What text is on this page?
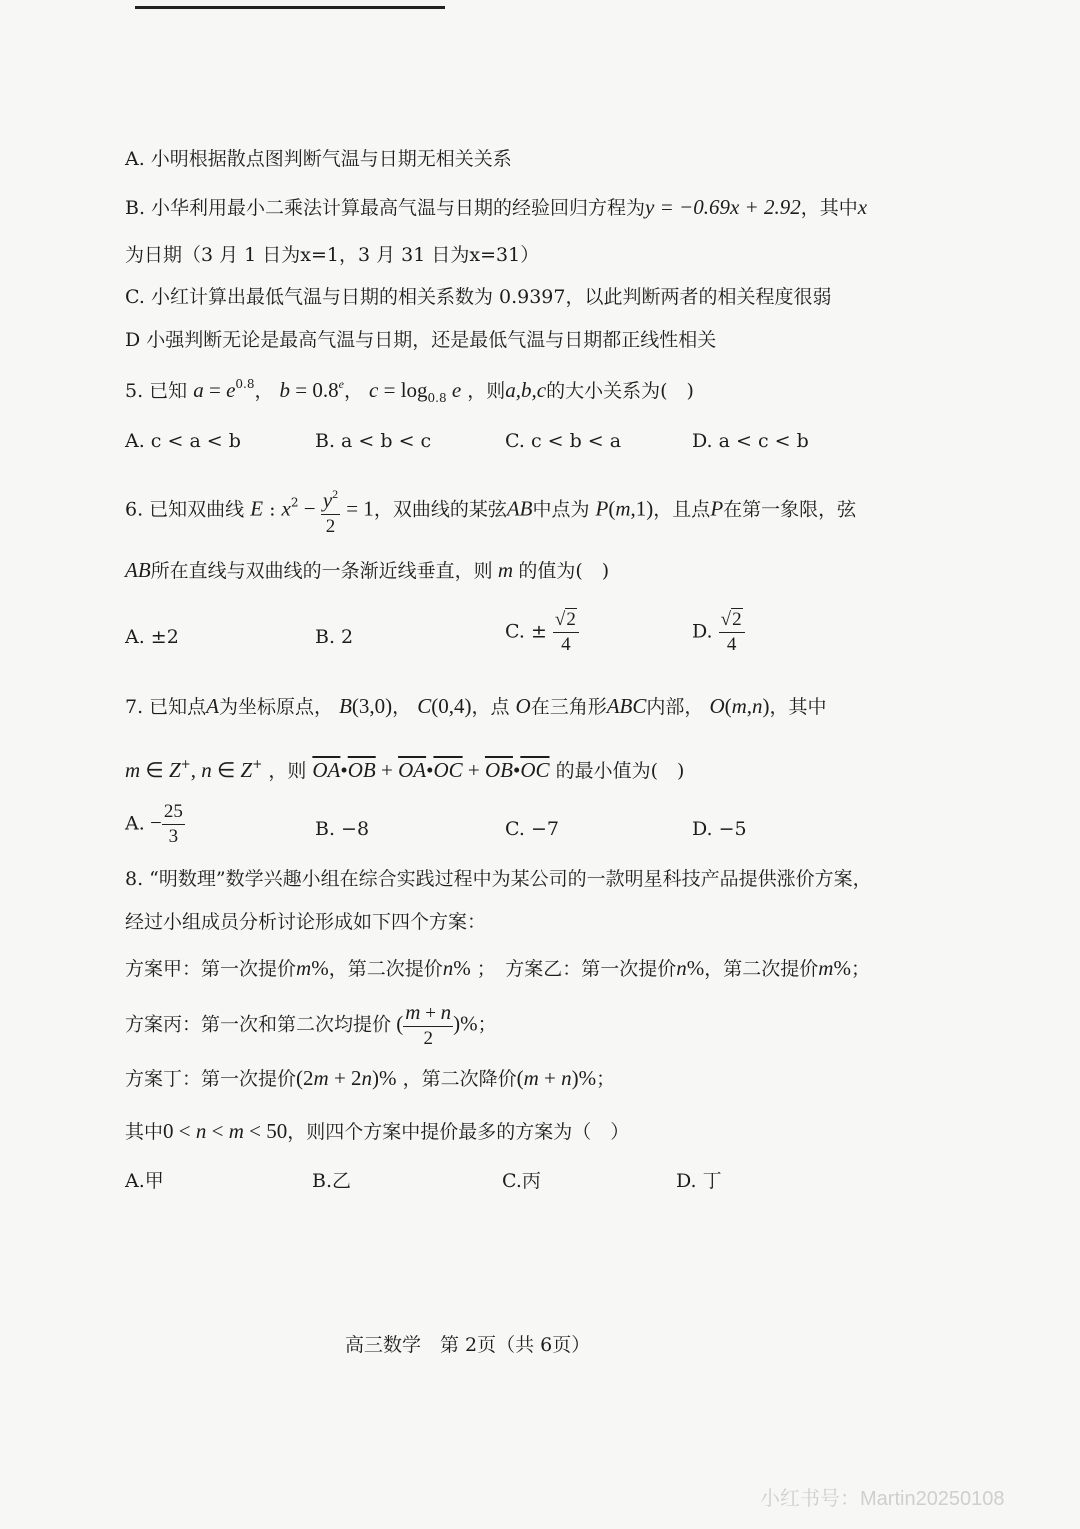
A. 小明根据散点图判断气温与日期无相关关系
B. 小华利用最小二乘法计算最高气温与日期的经验回归方程为y = −0.69x + 2.92，其中x
为日期（3 月 1 日为x=1，3 月 31 日为x=31）
C. 小红计算出最低气温与日期的相关系数为 0.9397，以此判断两者的相关程度很弱
D 小强判断无论是最高气温与日期，还是最低气温与日期都正线性相关
5. 已知 $a = e^{0.8}$， b = 0.8$^e$， $c = \log_{0.8} e$ ，则a,b,c的大小关系为(　)
A. c < a < b	B. a < b < c	C. c < b < a	D. a < c < b
6. 已知双曲线 E : $x^2 - \frac{y^2}{2} = 1$，双曲线的某弦AB中点为 P(m,1)，且点P在第一象限，弦
AB所在直线与双曲线的一条渐近线垂直，则 m 的值为(　)
A. ±2	B. 2	C. ± $\frac{√2}{4}$	D. $\frac{√2}{4}$
7. 已知点A为坐标原点， B(3,0)， C(0,4)，点 O在三角形ABC内部， O(m,n)，其中
m ∈ Z+, n ∈ Z+ ，则 $\overline{OA}•\overline{OB}$ + $\overline{OA}•\overline{OC}$ + $\overline{OB}•\overline{OC}$ 的最小值为(　)
A. − $\frac{25}{3}$	B. −8	C. −7	D. −5
8. “明数理”数学兴趣小组在综合实践过程中为某公司的一款明星科技产品提供涨价方案，
经过小组成员分析讨论形成如下四个方案：
方案甲：第一次提价m%，第二次提价n% ；　方案乙：第一次提价n%，第二次提价m%；
方案丙：第一次和第二次均提价 ( $\frac{m + n}{2}$ )%；
方案丁：第一次提价(2m + 2n)% ，第二次降价(m + n)%；
其中0 < n < m < 50，则四个方案中提价最多的方案为（　）
A.甲	B.乙	C.丙	D. 丁
高三数学　第 2页（共 6页）
小红书号：Martin20250108
